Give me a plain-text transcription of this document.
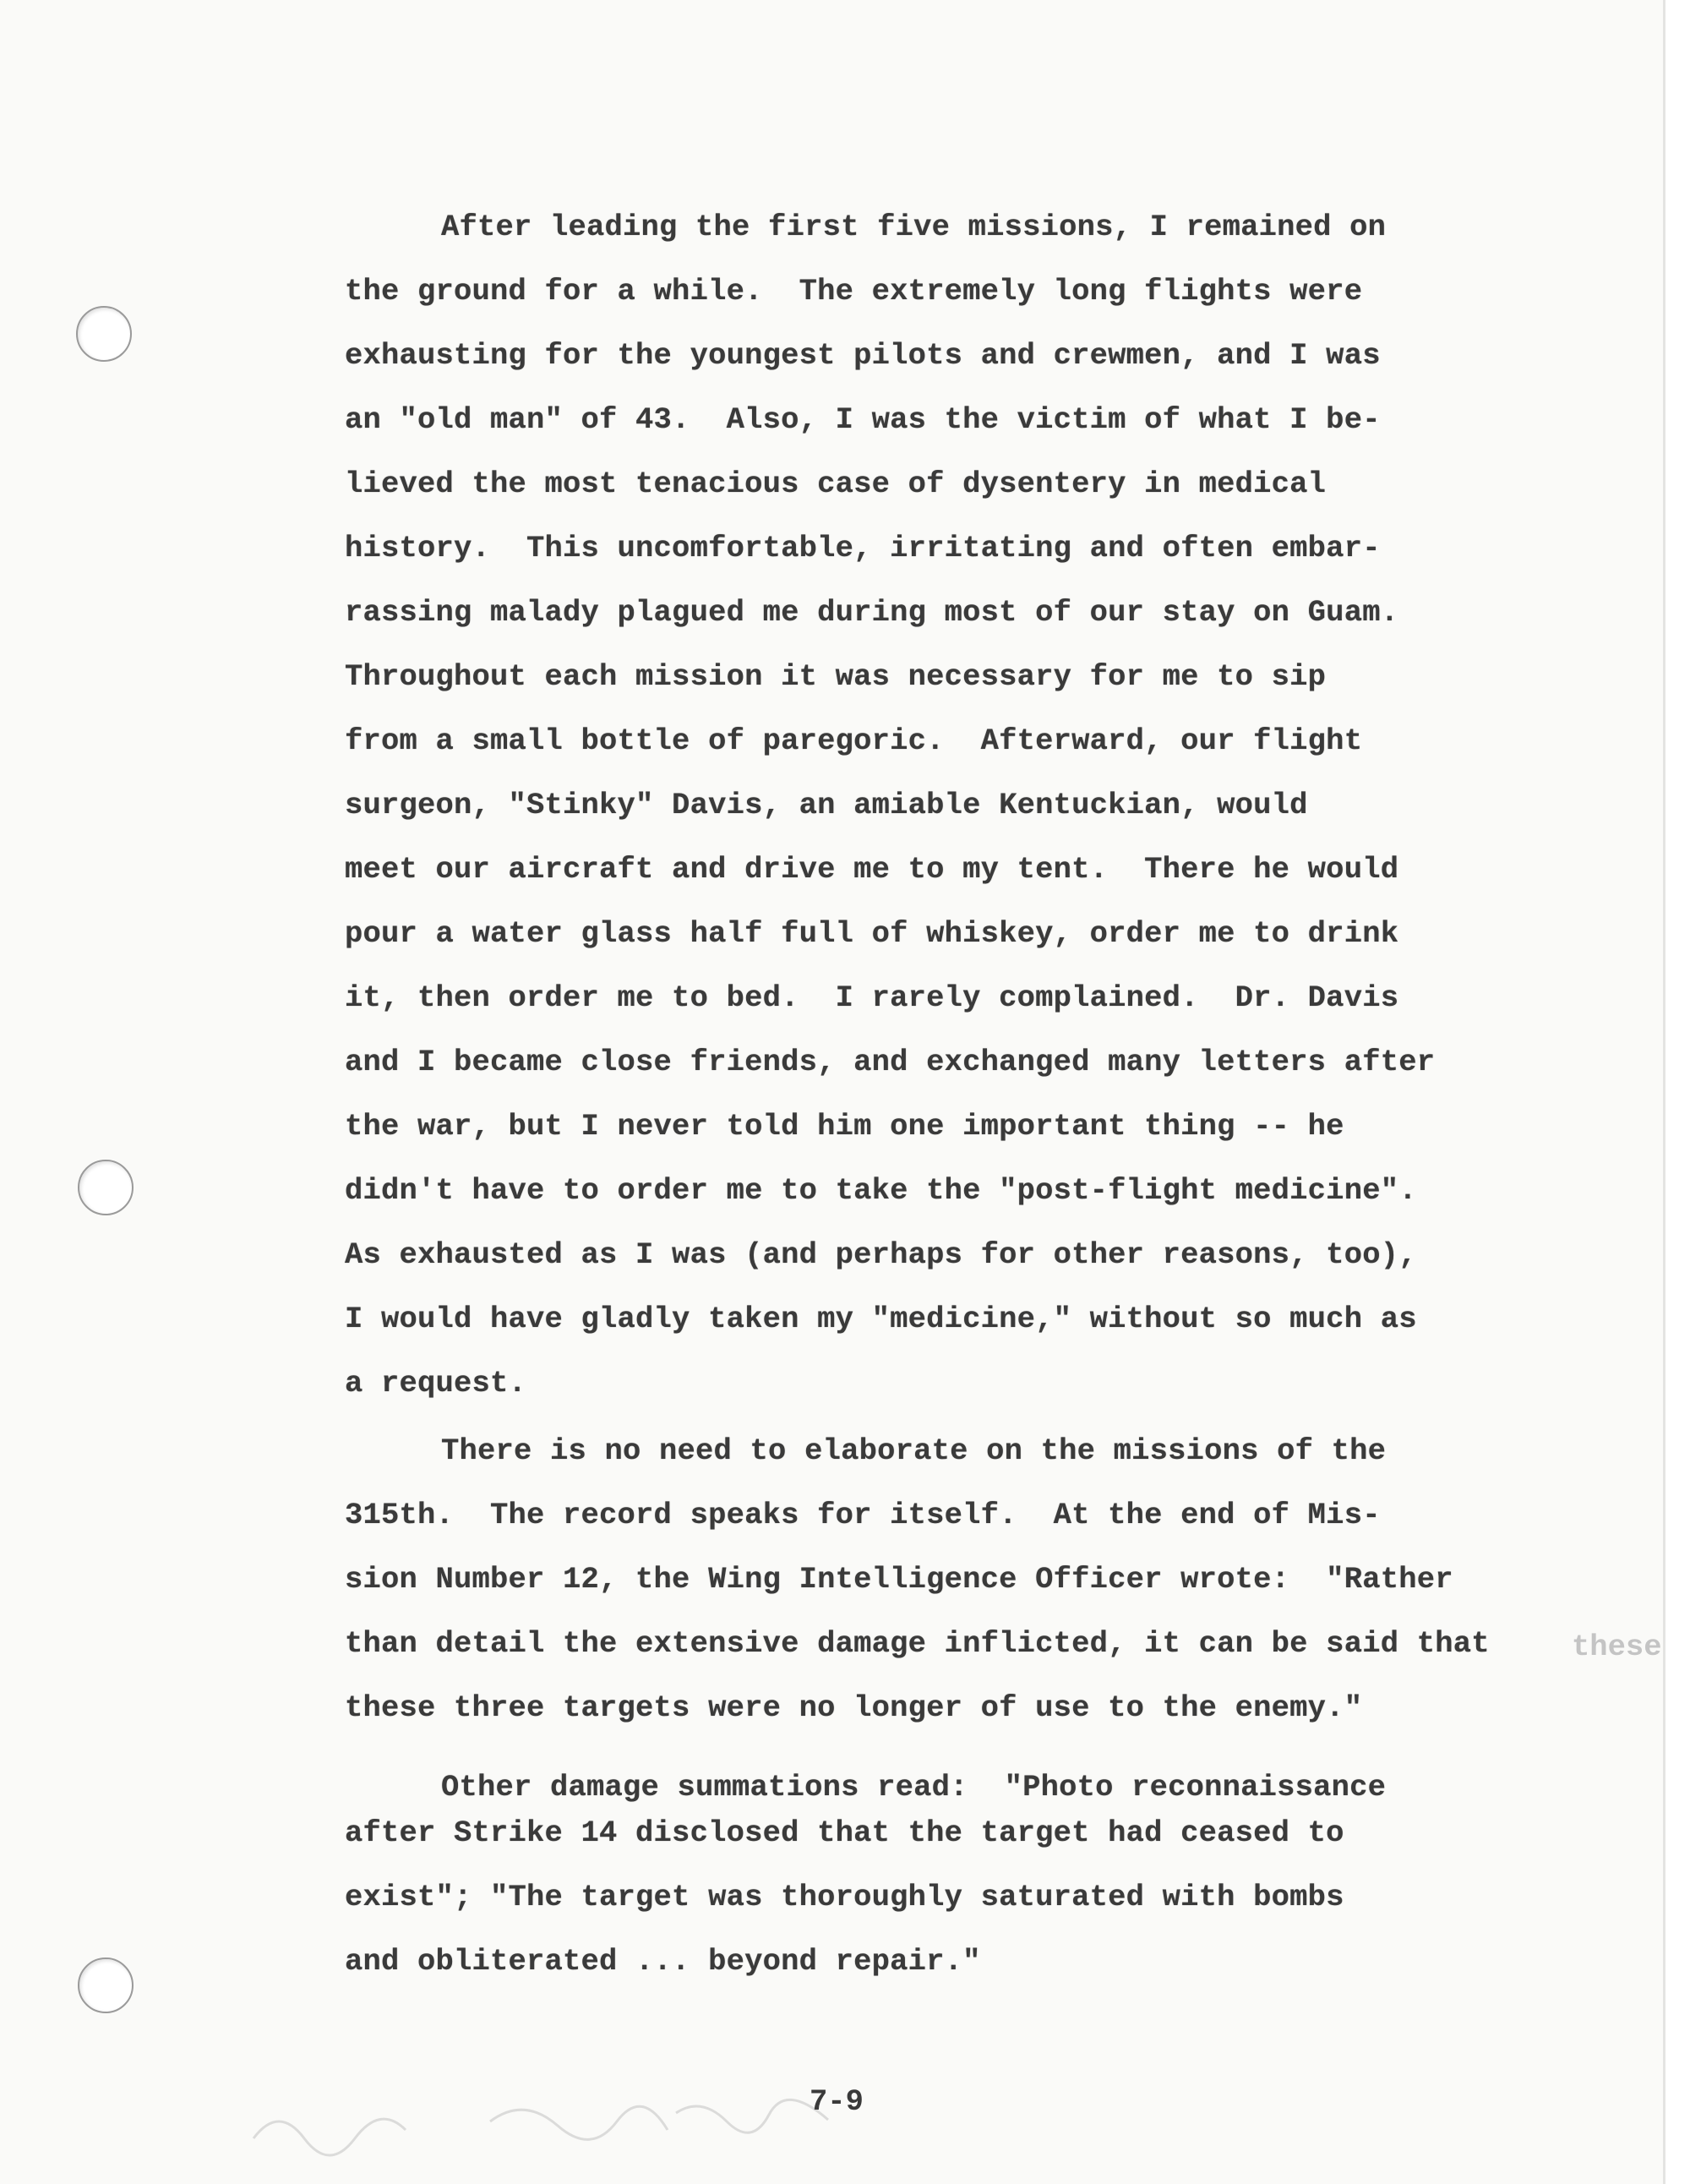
After leading the first five missions, I remained on

the ground for a while.  The extremely long flights were

exhausting for the youngest pilots and crewmen, and I was

an "old man" of 43.  Also, I was the victim of what I be-

lieved the most tenacious case of dysentery in medical

history.  This uncomfortable, irritating and often embar-

rassing malady plagued me during most of our stay on Guam.

Throughout each mission it was necessary for me to sip

from a small bottle of paregoric.  Afterward, our flight

surgeon, "Stinky" Davis, an amiable Kentuckian, would

meet our aircraft and drive me to my tent.  There he would

pour a water glass half full of whiskey, order me to drink

it, then order me to bed.  I rarely complained.  Dr. Davis

and I became close friends, and exchanged many letters after

the war, but I never told him one important thing -- he

didn't have to order me to take the "post-flight medicine".

As exhausted as I was (and perhaps for other reasons, too),

I would have gladly taken my "medicine," without so much as

a request.

There is no need to elaborate on the missions of the

315th.  The record speaks for itself.  At the end of Mis-

sion Number 12, the Wing Intelligence Officer wrote:  "Rather

than detail the extensive damage inflicted, it can be said that

these three targets were no longer of use to the enemy."

these

Other damage summations read:  "Photo reconnaissance

after Strike 14 disclosed that the target had ceased to

exist"; "The target was thoroughly saturated with bombs

and obliterated ... beyond repair."

7-9
